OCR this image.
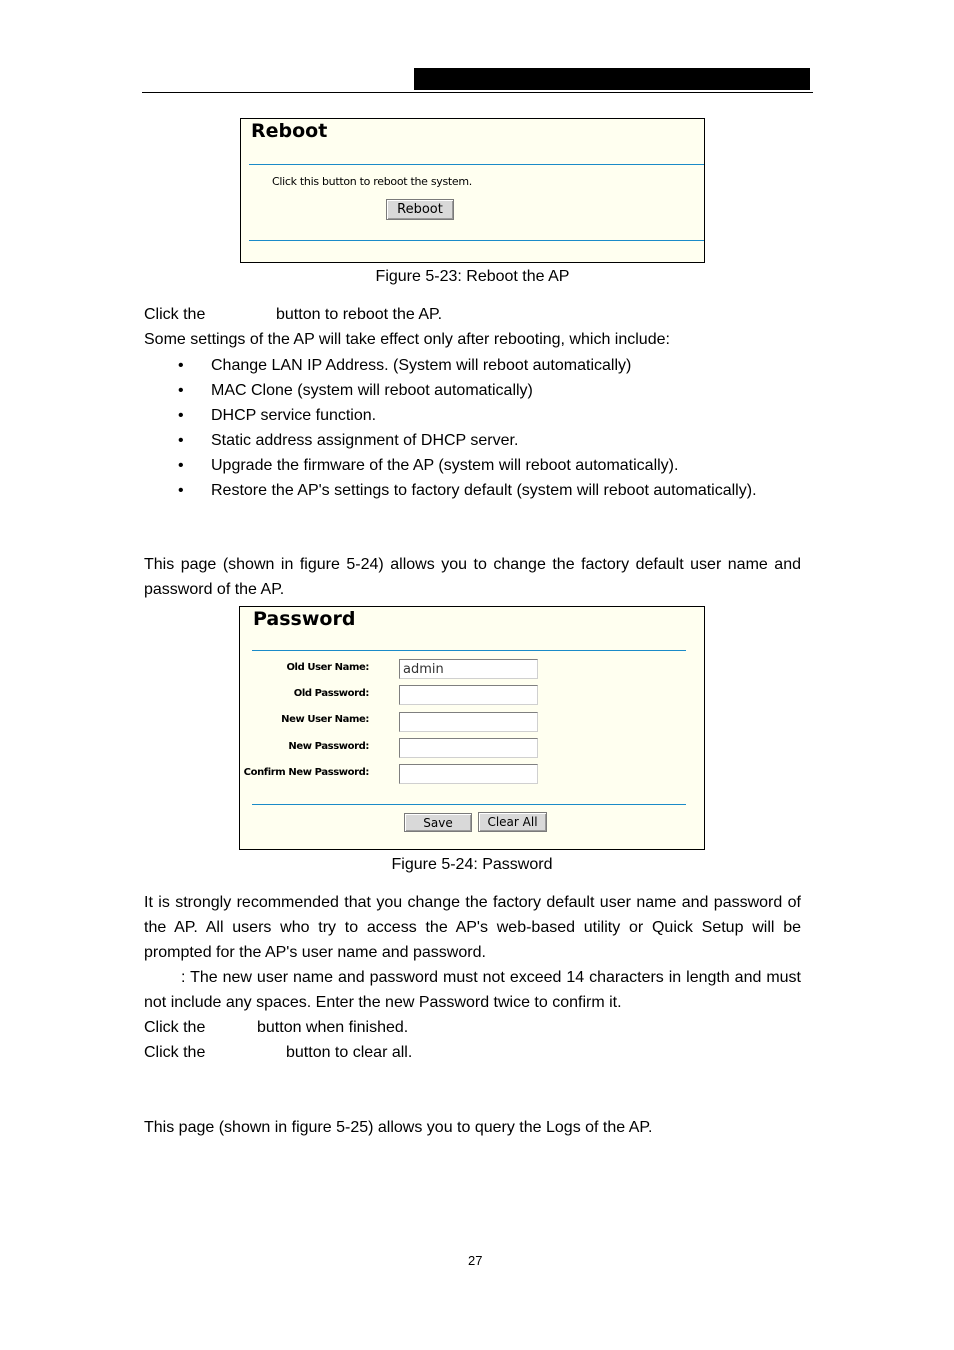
Reboot
Click this button to reboot the system.
Reboot
Figure 5-23: Reboot the AP
Click the	button to reboot the AP.
Some settings of the AP will take effect only after rebooting, which include:
• Change LAN IP Address. (System will reboot automatically)
• MAC Clone (system will reboot automatically)
• DHCP service function.
• Static address assignment of DHCP server.
• Upgrade the firmware of the AP (system will reboot automatically).
• Restore the AP's settings to factory default (system will reboot automatically).
This page (shown in figure 5-24) allows you to change the factory default user name and password of the AP.
Password
Old User Name:
admin
Old Password:
New User Name:
New Password:
Confirm New Password:
Save	Clear All
Figure 5-24: Password
It is strongly recommended that you change the factory default user name and password of the AP. All users who try to access the AP's web-based utility or Quick Setup will be prompted for the AP's user name and password.
: The new user name and password must not exceed 14 characters in length and must not include any spaces. Enter the new Password twice to confirm it.
Click the	button when finished.
Click the	button to clear all.
This page (shown in figure 5-25) allows you to query the Logs of the AP.
27
